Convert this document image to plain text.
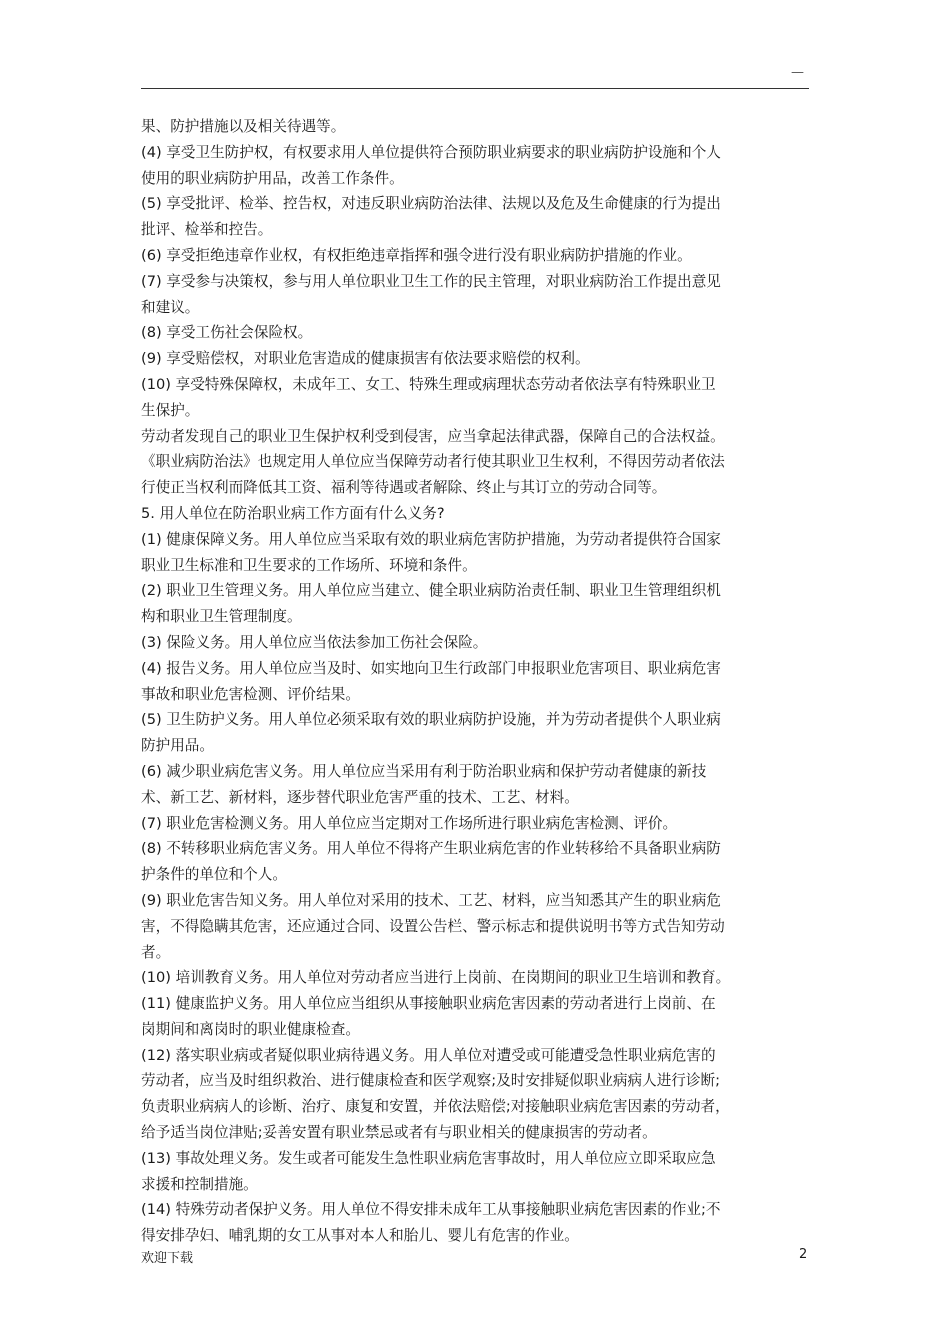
—
果、防护措施以及相关待遇等。
(4) 享受卫生防护权，有权要求用人单位提供符合预防职业病要求的职业病防护设施和个人
使用的职业病防护用品，改善工作条件。
(5) 享受批评、检举、控告权，对违反职业病防治法律、法规以及危及生命健康的行为提出
批评、检举和控告。
(6) 享受拒绝违章作业权，有权拒绝违章指挥和强令进行没有职业病防护措施的作业。
(7) 享受参与决策权，参与用人单位职业卫生工作的民主管理，对职业病防治工作提出意见
和建议。
(8) 享受工伤社会保险权。
(9) 享受赔偿权，对职业危害造成的健康损害有依法要求赔偿的权利。
(10) 享受特殊保障权，未成年工、女工、特殊生理或病理状态劳动者依法享有特殊职业卫
生保护。
劳动者发现自己的职业卫生保护权利受到侵害，应当拿起法律武器，保障自己的合法权益。
《职业病防治法》也规定用人单位应当保障劳动者行使其职业卫生权利，不得因劳动者依法
行使正当权利而降低其工资、福利等待遇或者解除、终止与其订立的劳动合同等。
5. 用人单位在防治职业病工作方面有什么义务?
(1) 健康保障义务。用人单位应当采取有效的职业病危害防护措施，为劳动者提供符合国家
职业卫生标准和卫生要求的工作场所、环境和条件。
(2) 职业卫生管理义务。用人单位应当建立、健全职业病防治责任制、职业卫生管理组织机
构和职业卫生管理制度。
(3) 保险义务。用人单位应当依法参加工伤社会保险。
(4) 报告义务。用人单位应当及时、如实地向卫生行政部门申报职业危害项目、职业病危害
事故和职业危害检测、评价结果。
(5) 卫生防护义务。用人单位必须采取有效的职业病防护设施，并为劳动者提供个人职业病
防护用品。
(6) 减少职业病危害义务。用人单位应当采用有利于防治职业病和保护劳动者健康的新技
术、新工艺、新材料，逐步替代职业危害严重的技术、工艺、材料。
(7) 职业危害检测义务。用人单位应当定期对工作场所进行职业病危害检测、评价。
(8) 不转移职业病危害义务。用人单位不得将产生职业病危害的作业转移给不具备职业病防
护条件的单位和个人。
(9) 职业危害告知义务。用人单位对采用的技术、工艺、材料，应当知悉其产生的职业病危
害，不得隐瞒其危害，还应通过合同、设置公告栏、警示标志和提供说明书等方式告知劳动
者。
(10) 培训教育义务。用人单位对劳动者应当进行上岗前、在岗期间的职业卫生培训和教育。
(11) 健康监护义务。用人单位应当组织从事接触职业病危害因素的劳动者进行上岗前、在
岗期间和离岗时的职业健康检查。
(12) 落实职业病或者疑似职业病待遇义务。用人单位对遭受或可能遭受急性职业病危害的
劳动者，应当及时组织救治、进行健康检查和医学观察;及时安排疑似职业病病人进行诊断;
负责职业病病人的诊断、治疗、康复和安置，并依法赔偿;对接触职业病危害因素的劳动者，
给予适当岗位津贴;妥善安置有职业禁忌或者有与职业相关的健康损害的劳动者。
(13) 事故处理义务。发生或者可能发生急性职业病危害事故时，用人单位应立即采取应急
求援和控制措施。
(14) 特殊劳动者保护义务。用人单位不得安排未成年工从事接触职业病危害因素的作业;不
得安排孕妇、哺乳期的女工从事对本人和胎儿、婴儿有危害的作业。
欢迎下载	2
